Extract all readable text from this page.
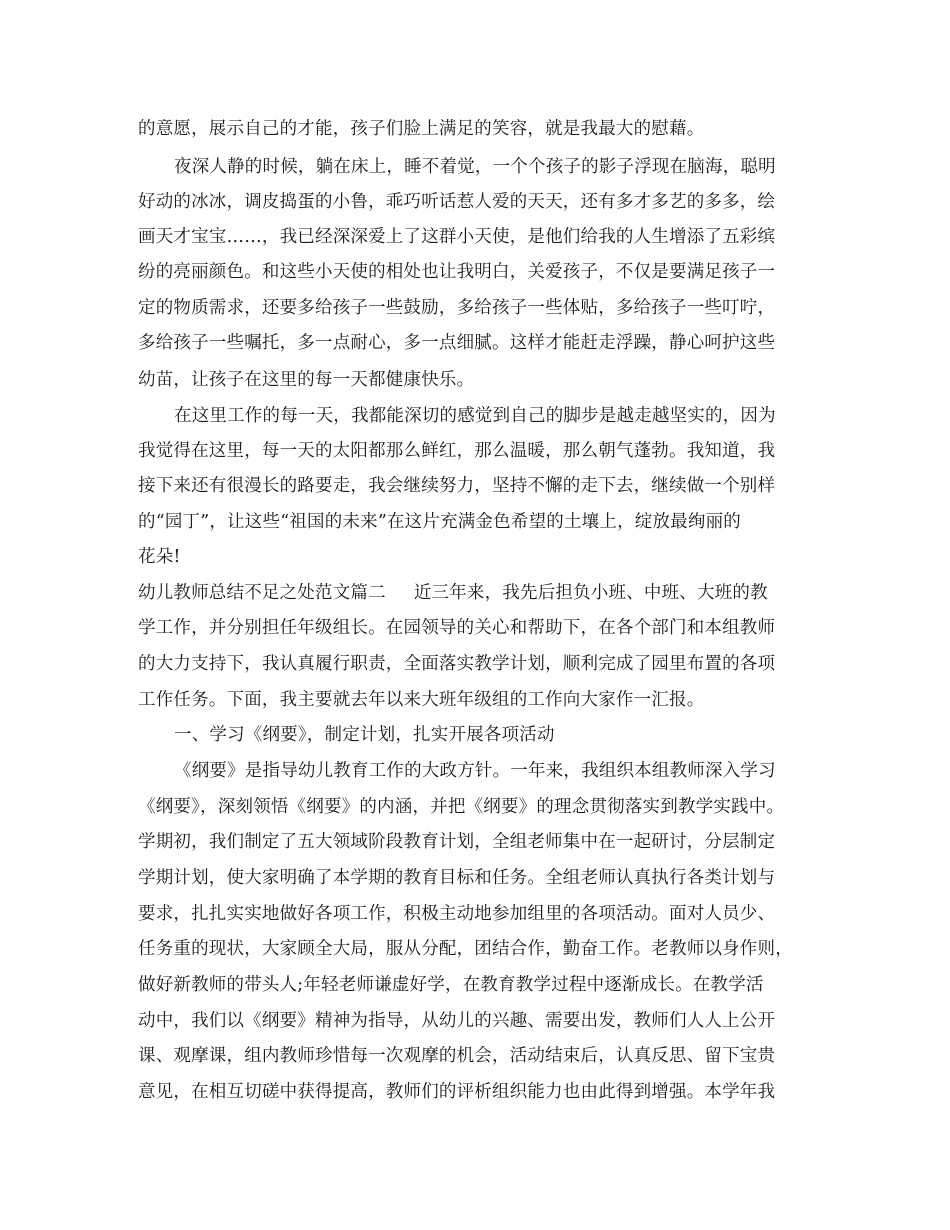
的意愿，展示自己的才能，孩子们脸上满足的笑容，就是我最大的慰藉。
夜深人静的时候，躺在床上，睡不着觉，一个个孩子的影子浮现在脑海，聪明
好动的冰冰，调皮捣蛋的小鲁，乖巧听话惹人爱的天天，还有多才多艺的多多，绘
画天才宝宝……，我已经深深爱上了这群小天使，是他们给我的人生增添了五彩缤
纷的亮丽颜色。和这些小天使的相处也让我明白，关爱孩子，不仅是要满足孩子一
定的物质需求，还要多给孩子一些鼓励，多给孩子一些体贴，多给孩子一些叮咛，
多给孩子一些嘱托，多一点耐心，多一点细腻。这样才能赶走浮躁，静心呵护这些
幼苗，让孩子在这里的每一天都健康快乐。
在这里工作的每一天，我都能深切的感觉到自己的脚步是越走越坚实的，因为
我觉得在这里，每一天的太阳都那么鲜红，那么温暖，那么朝气蓬勃。我知道，我
接下来还有很漫长的路要走，我会继续努力，坚持不懈的走下去，继续做一个别样
的“园丁”，让这些“祖国的未来”在这片充满金色希望的土壤上，绽放最绚丽的
花朵!
幼儿教师总结不足之处范文篇二 近三年来，我先后担负小班、中班、大班的教
学工作，并分别担任年级组长。在园领导的关心和帮助下，在各个部门和本组教师
的大力支持下，我认真履行职责，全面落实教学计划，顺利完成了园里布置的各项
工作任务。下面，我主要就去年以来大班年级组的工作向大家作一汇报。
一、学习《纲要》，制定计划，扎实开展各项活动
《纲要》是指导幼儿教育工作的大政方针。一年来，我组织本组教师深入学习
《纲要》，深刻领悟《纲要》的内涵，并把《纲要》的理念贯彻落实到教学实践中。
学期初，我们制定了五大领域阶段教育计划，全组老师集中在一起研讨，分层制定
学期计划，使大家明确了本学期的教育目标和任务。全组老师认真执行各类计划与
要求，扎扎实实地做好各项工作，积极主动地参加组里的各项活动。面对人员少、
任务重的现状，大家顾全大局，服从分配，团结合作，勤奋工作。老教师以身作则，
做好新教师的带头人;年轻老师谦虚好学，在教育教学过程中逐渐成长。在教学活
动中，我们以《纲要》精神为指导，从幼儿的兴趣、需要出发，教师们人人上公开
课、观摩课，组内教师珍惜每一次观摩的机会，活动结束后，认真反思、留下宝贵
意见，在相互切磋中获得提高，教师们的评析组织能力也由此得到增强。本学年我
